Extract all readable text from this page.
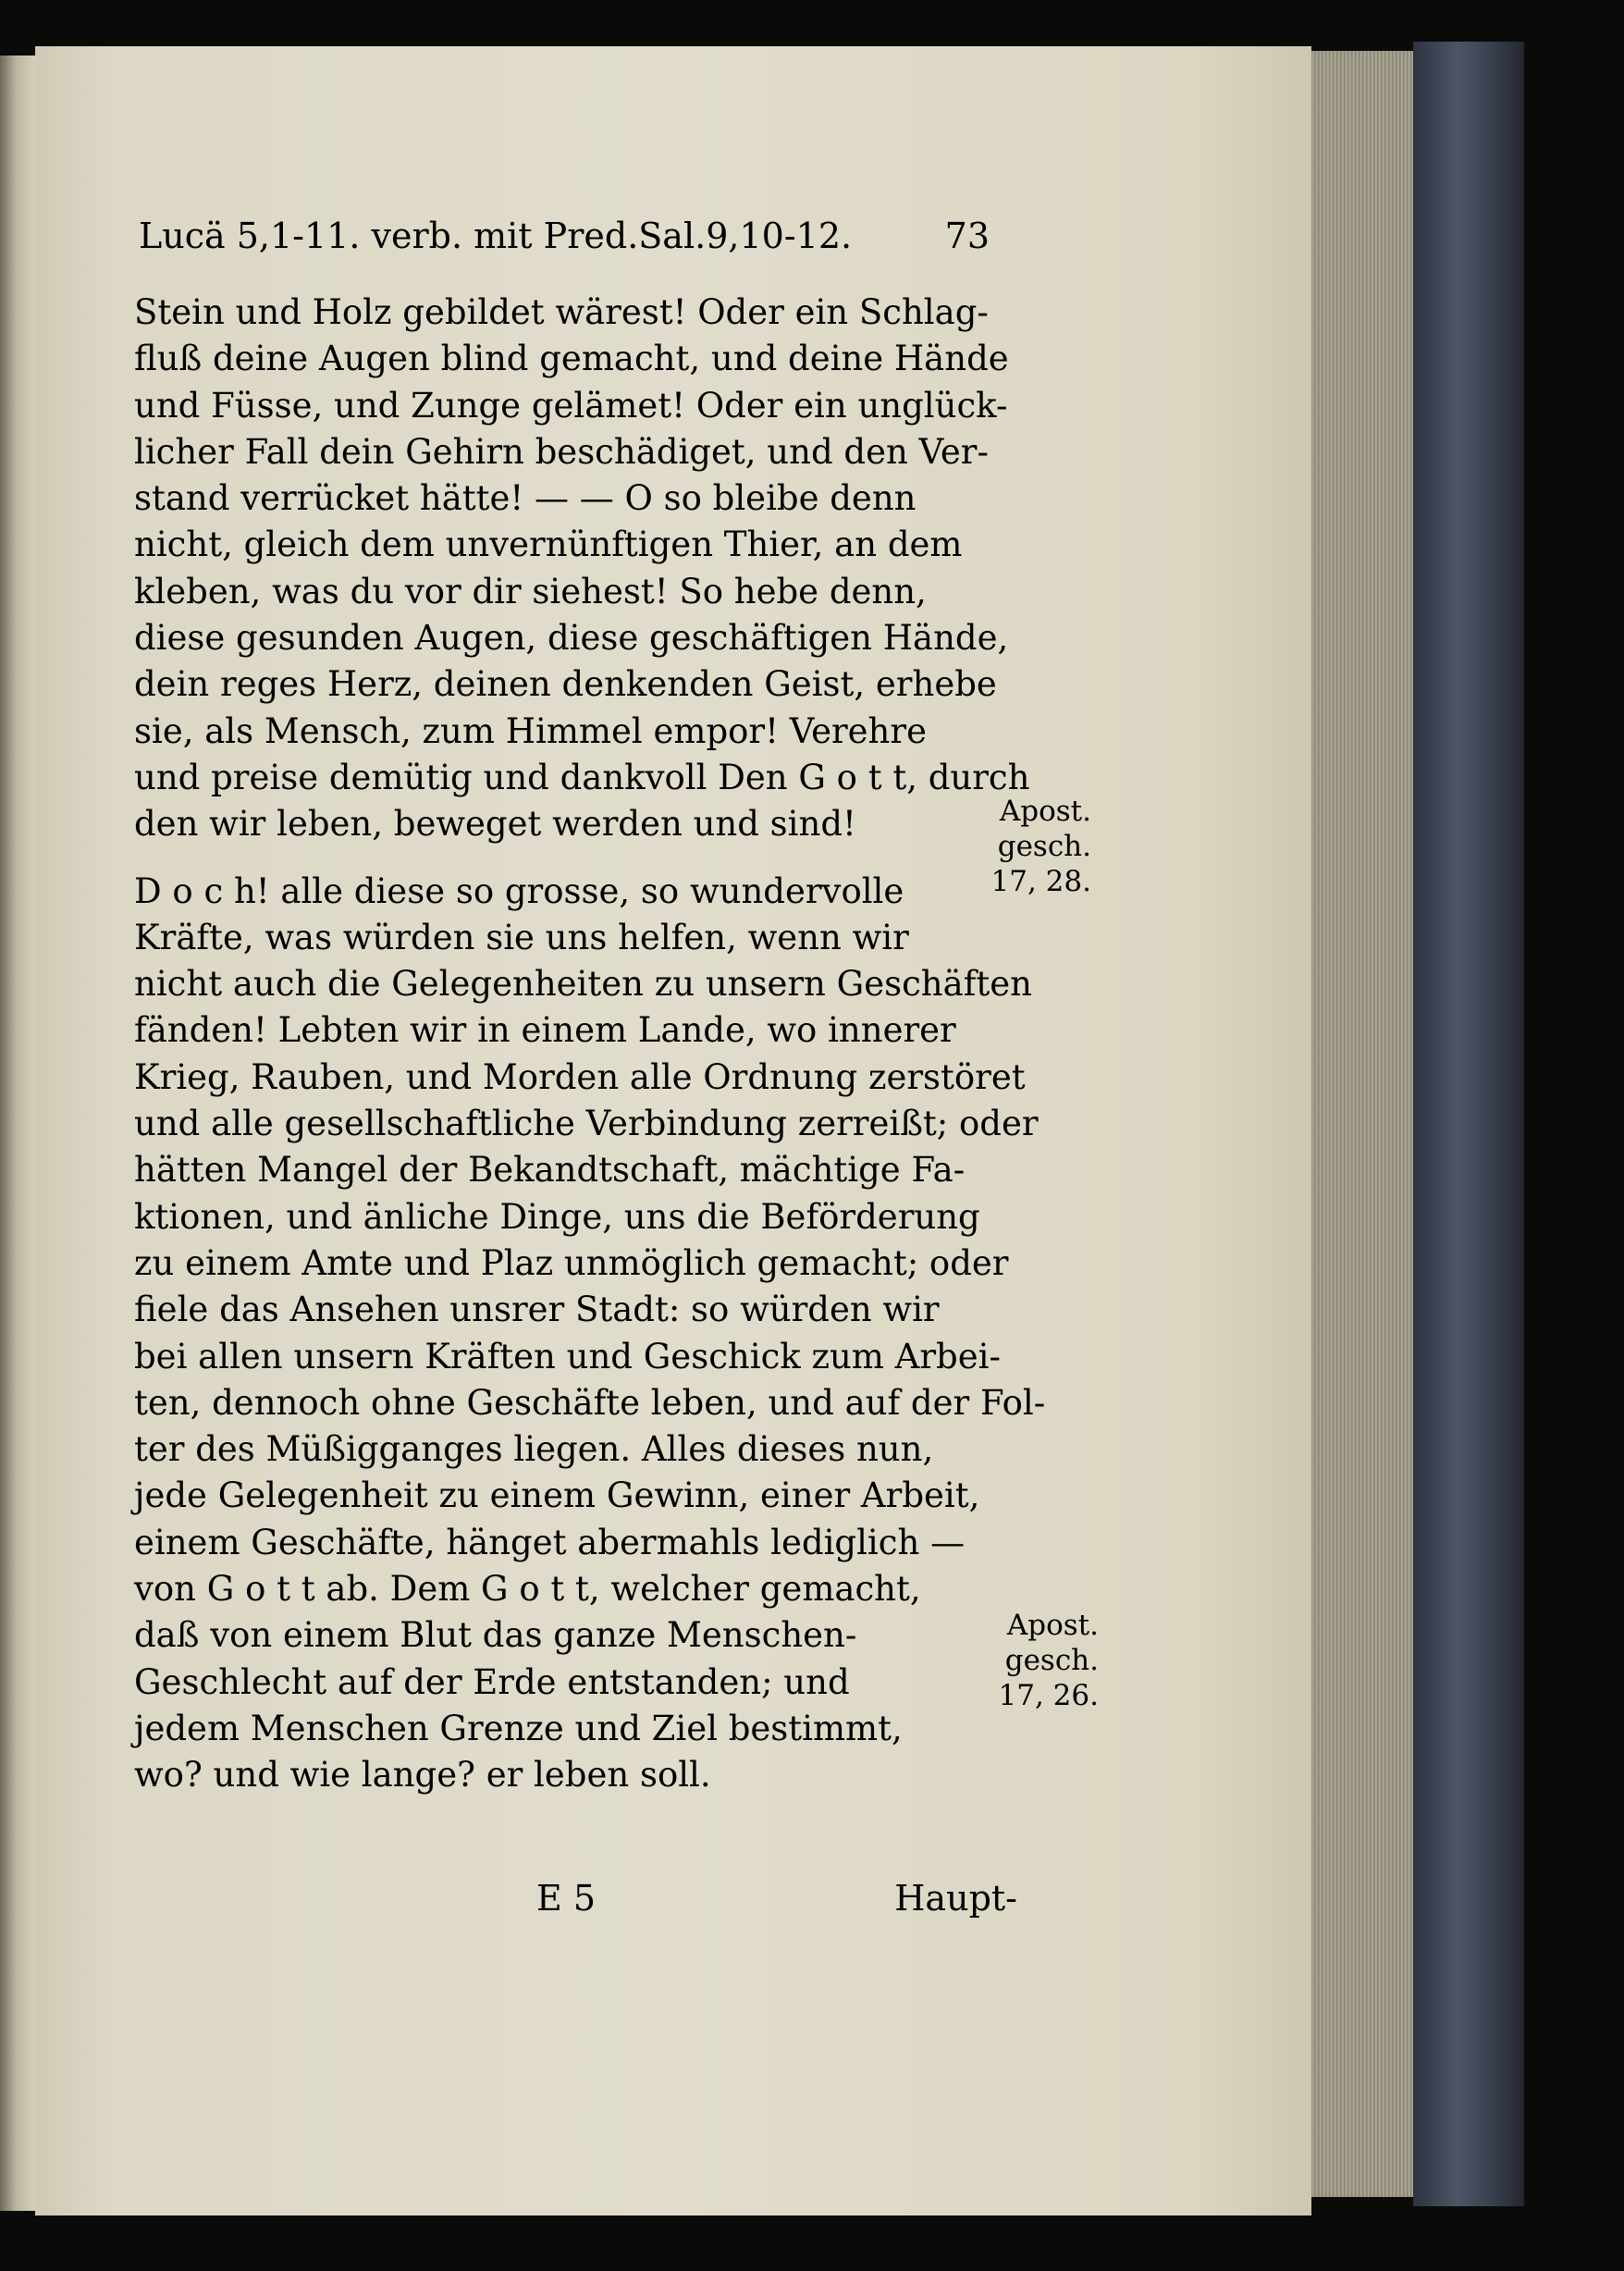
Lucä 5,1-11. verb. mit Pred.Sal.9,10-12.	73

Stein und Holz gebildet wärest! Oder ein Schlag-
fluß deine Augen blind gemacht, und deine Hände
und Füsse, und Zunge gelämet! Oder ein unglück-
licher Fall dein Gehirn beschädiget, und den Ver-
stand verrücket hätte! — — O so bleibe denn
nicht, gleich dem unvernünftigen Thier, an dem
kleben, was du vor dir siehest! So hebe denn,
diese gesunden Augen, diese geschäftigen Hände,
dein reges Herz, deinen denkenden Geist, erhebe
sie, als Mensch, zum Himmel empor! Verehre
und preise demütig und dankvoll Den G o t t, durch
den wir leben, beweget werden und sind!

D o c h! alle diese so grosse, so wundervolle
Kräfte, was würden sie uns helfen, wenn wir
nicht auch die Gelegenheiten zu unsern Geschäften
fänden! Lebten wir in einem Lande, wo innerer
Krieg, Rauben, und Morden alle Ordnung zerstöret
und alle gesellschaftliche Verbindung zerreißt; oder
hätten Mangel der Bekandtschaft, mächtige Fa-
ktionen, und änliche Dinge, uns die Beförderung
zu einem Amte und Plaz unmöglich gemacht; oder
fiele das Ansehen unsrer Stadt: so würden wir
bei allen unsern Kräften und Geschick zum Arbei-
ten, dennoch ohne Geschäfte leben, und auf der Fol-
ter des Müßigganges liegen. Alles dieses nun,
jede Gelegenheit zu einem Gewinn, einer Arbeit,
einem Geschäfte, hänget abermahls lediglich —
von G o t t ab. Dem G o t t, welcher gemacht,
daß von einem Blut das ganze Menschen-
Geschlecht auf der Erde entstanden; und
jedem Menschen Grenze und Ziel bestimmt,
wo? und wie lange? er leben soll.

Apost.
gesch.
17, 28.
Apost.
gesch.
17, 26.
E 5	Haupt-
